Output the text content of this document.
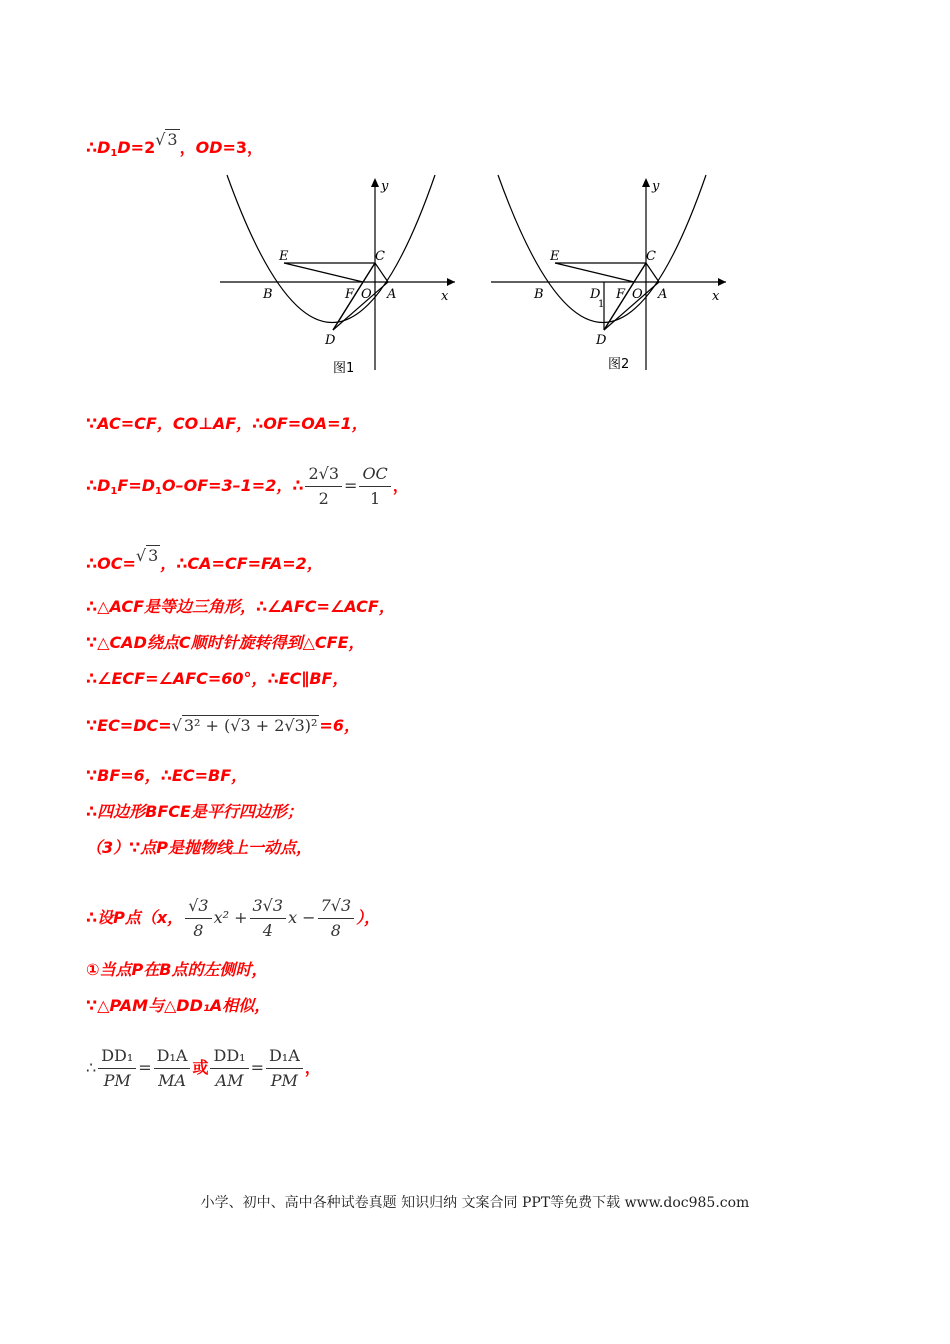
$\therefore D_1D=2√$ 3 ，OD=3，
y
x
E	C
B	F O A
D
图1
y
x
E	C
B	D
1
F O A
D
图2
∵AC=CF，CO⊥AF，∴OF=OA=1，
$\therefore D_1F=D_1O-OF=3-1=2$，∴ $\frac{2√3}{2} = \frac{OC}{1}$ ，
∴OC=√ 3 ，∴CA=CF=FA=2，
∴△ACF是等边三角形，∴∠AFC=∠ACF，
∵△CAD绕点C顺时针旋转得到△CFE，
∴∠ECF=∠AFC=60°，∴EC∥BF，
∵EC=DC=√ 3² + (√3 + 2√3)² =6，
∵BF=6，∴EC=BF，
∴四边形BFCE是平行四边形；
（3）∵点P是抛物线上一动点，
∴设P点（x， $\frac{√3}{8} x^2 + \frac{3√3}{4}$ $x - \frac{7√3}{8}$ ），
①当点P在B点的左侧时，
∵△PAM与△DD₁A相似，
∴ $\frac{\text{DD₁}}{PM} = \frac{\text{D₁A}}{MA}$ 或 $\frac{\text{DD₁}}{AM} = \frac{\text{D₁A}}{PM}$ ，
小学、初中、高中各种试卷真题 知识归纳 文案合同 PPT等免费下载 www.doc985.com
